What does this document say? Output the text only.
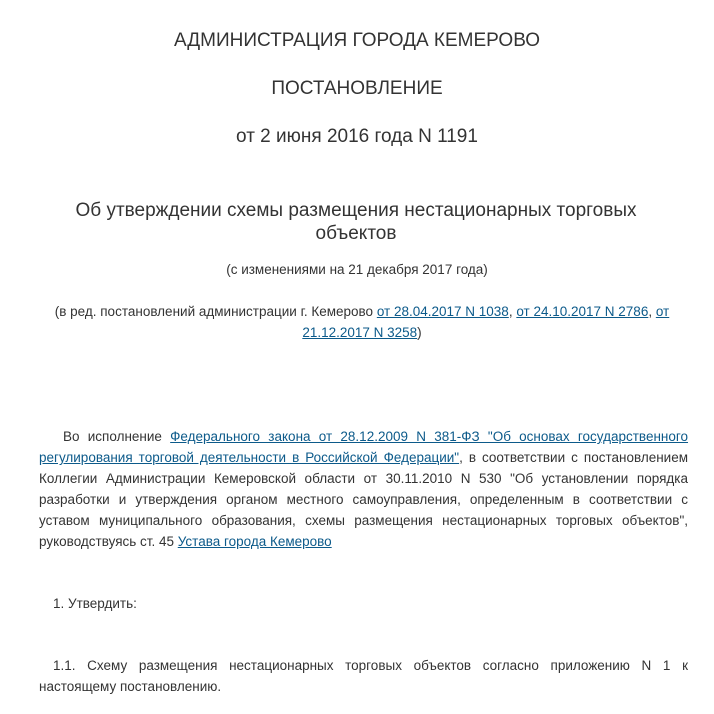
АДМИНИСТРАЦИЯ ГОРОДА КЕМЕРОВО
ПОСТАНОВЛЕНИЕ
от 2 июня 2016 года N 1191
Об утверждении схемы размещения нестационарных торговых объектов
(с изменениями на 21 декабря 2017 года)
(в ред. постановлений администрации г. Кемерово от 28.04.2017 N 1038, от 24.10.2017 N 2786, от 21.12.2017 N 3258)
Во исполнение Федерального закона от 28.12.2009 N 381-ФЗ "Об основах государственного регулирования торговой деятельности в Российской Федерации", в соответствии с постановлением Коллегии Администрации Кемеровской области от 30.11.2010 N 530 "Об установлении порядка разработки и утверждения органом местного самоуправления, определенным в соответствии с уставом муниципального образования, схемы размещения нестационарных торговых объектов", руководствуясь ст. 45 Устава города Кемерово
1. Утвердить:
1.1. Схему размещения нестационарных торговых объектов согласно приложению N 1 к настоящему постановлению.
